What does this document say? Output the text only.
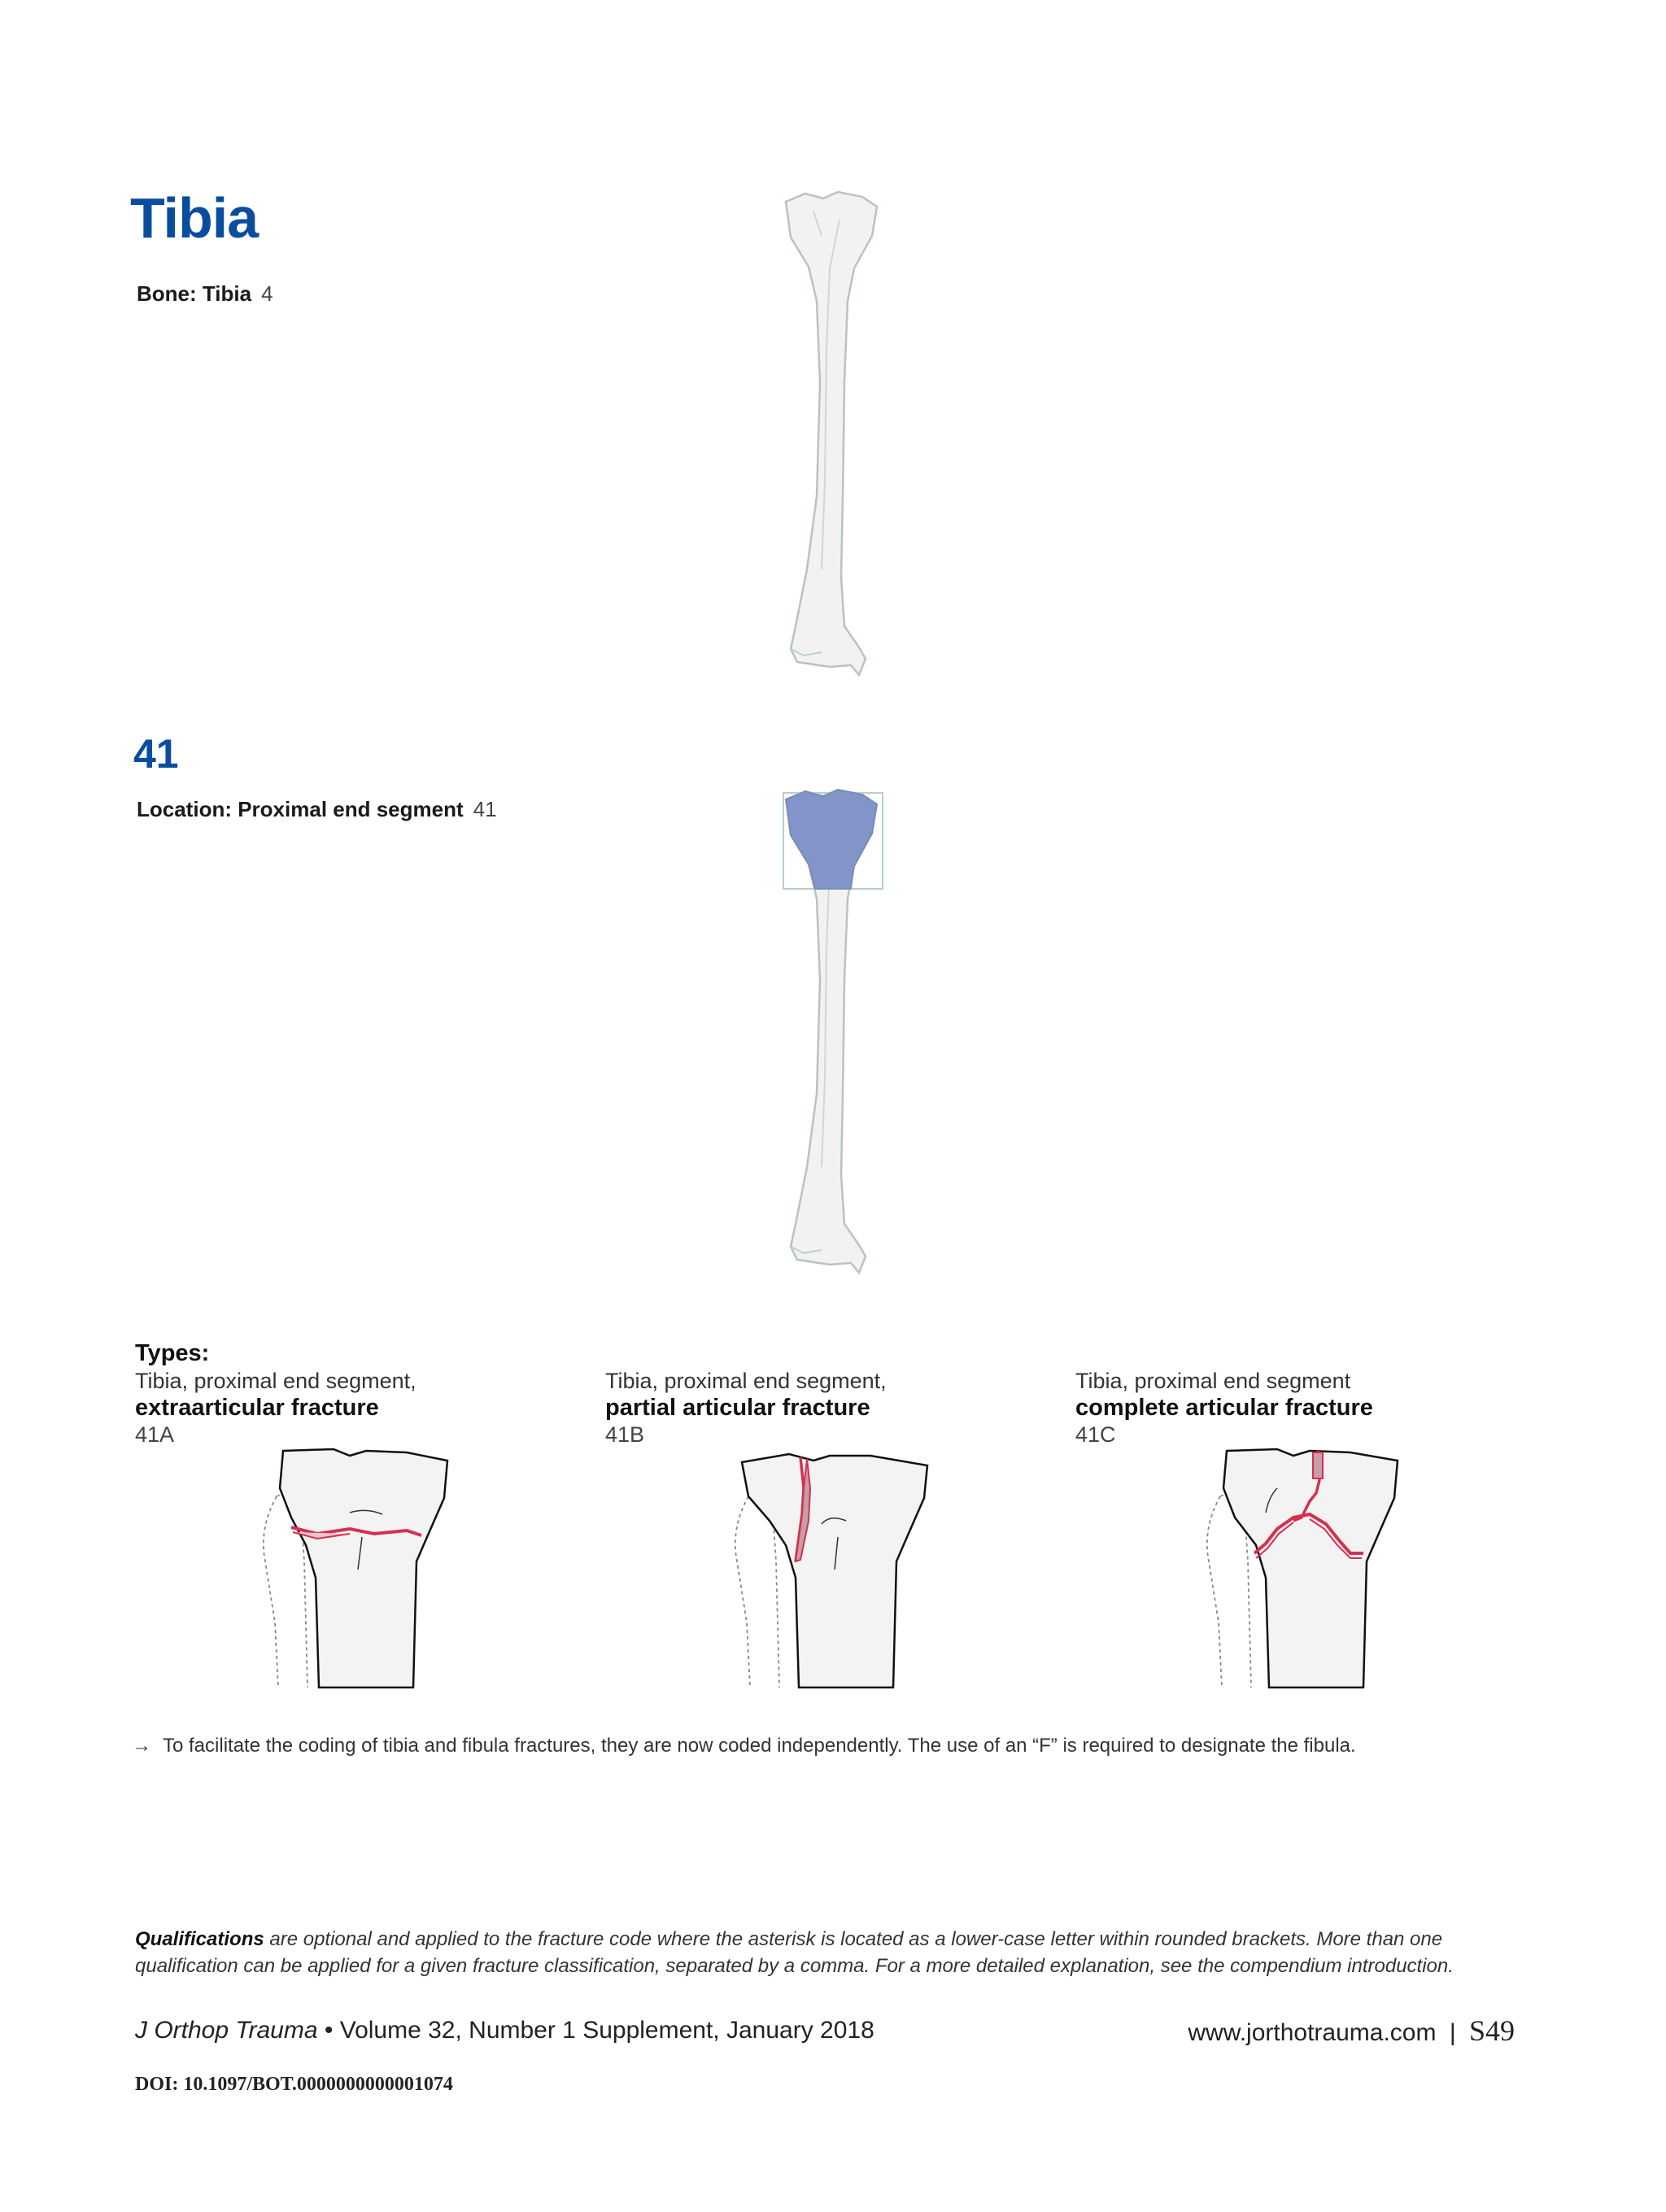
Tibia
Bone: Tibia 4
41
Location: Proximal end segment 41
Types:
Tibia, proximal end segment,
extraarticular fracture
41A
Tibia, proximal end segment,
partial articular fracture
41B
Tibia, proximal end segment
complete articular fracture
41C
→ To facilitate the coding of tibia and fibula fractures, they are now coded independently. The use of an “F” is required to designate the fibula.
Qualifications are optional and applied to the fracture code where the asterisk is located as a lower-case letter within rounded brackets. More than one qualification can be applied for a given fracture classification, separated by a comma. For a more detailed explanation, see the compendium introduction.
J Orthop Trauma • Volume 32, Number 1 Supplement, January 2018	www.jorthotrauma.com | S49
DOI: 10.1097/BOT.0000000000001074
